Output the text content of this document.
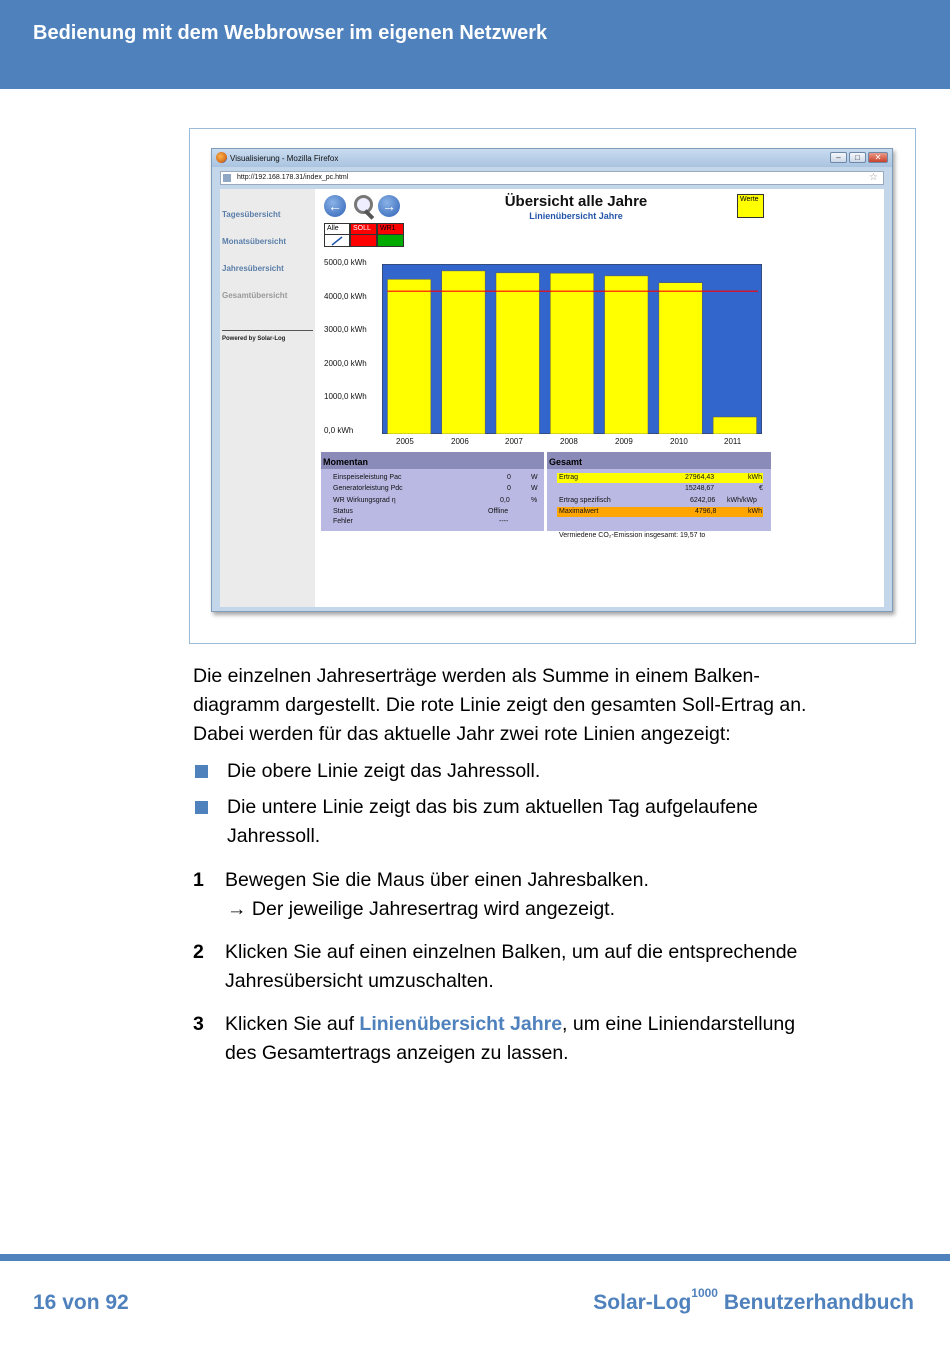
Bedienung mit dem Webbrowser im eigenen Netzwerk
Visualisierung - Mozilla Firefox	–	□	✕
http://192.168.178.31/index_pc.html	☆
Tagesübersicht
Monatsübersicht
Jahresübersicht
Gesamtübersicht
Powered by Solar-Log
←	→
Alle SOLL WR1
Übersicht alle Jahre
Linienübersicht Jahre
Werte
5000,0 kWh
4000,0 kWh
3000,0 kWh
2000,0 kWh
1000,0 kWh
0,0 kWh
2005	2006	2007	2008	2009	2010	2011
Momentan	Gesamt
Einspeiseleistung Pac	0	W
Generatorleistung Pdc	0	W
WR Wirkungsgrad η	0,0	%
Status	Offline
Fehler	----
Ertrag	27964,43	kWh
15248,67	€
Ertrag spezifisch	6242,06 kWh/kWp
Maximalwert	4796,8	kWh
Vermiedene CO₂-Emission insgesamt: 19,57 to
Die einzelnen Jahreserträge werden als Summe in einem Balken-
diagramm dargestellt. Die rote Linie zeigt den gesamten Soll-Ertrag an.
Dabei werden für das aktuelle Jahr zwei rote Linien angezeigt:
Die obere Linie zeigt das Jahressoll.
Die untere Linie zeigt das bis zum aktuellen Tag aufgelaufene
Jahressoll.
1 Bewegen Sie die Maus über einen Jahresbalken.
→ Der jeweilige Jahresertrag wird angezeigt.
2 Klicken Sie auf einen einzelnen Balken, um auf die entsprechende
Jahresübersicht umzuschalten.
3 Klicken Sie auf Linienübersicht Jahre, um eine Liniendarstellung
des Gesamtertrags anzeigen zu lassen.
16 von 92	Solar-Log$^{1000}$ Benutzerhandbuch
